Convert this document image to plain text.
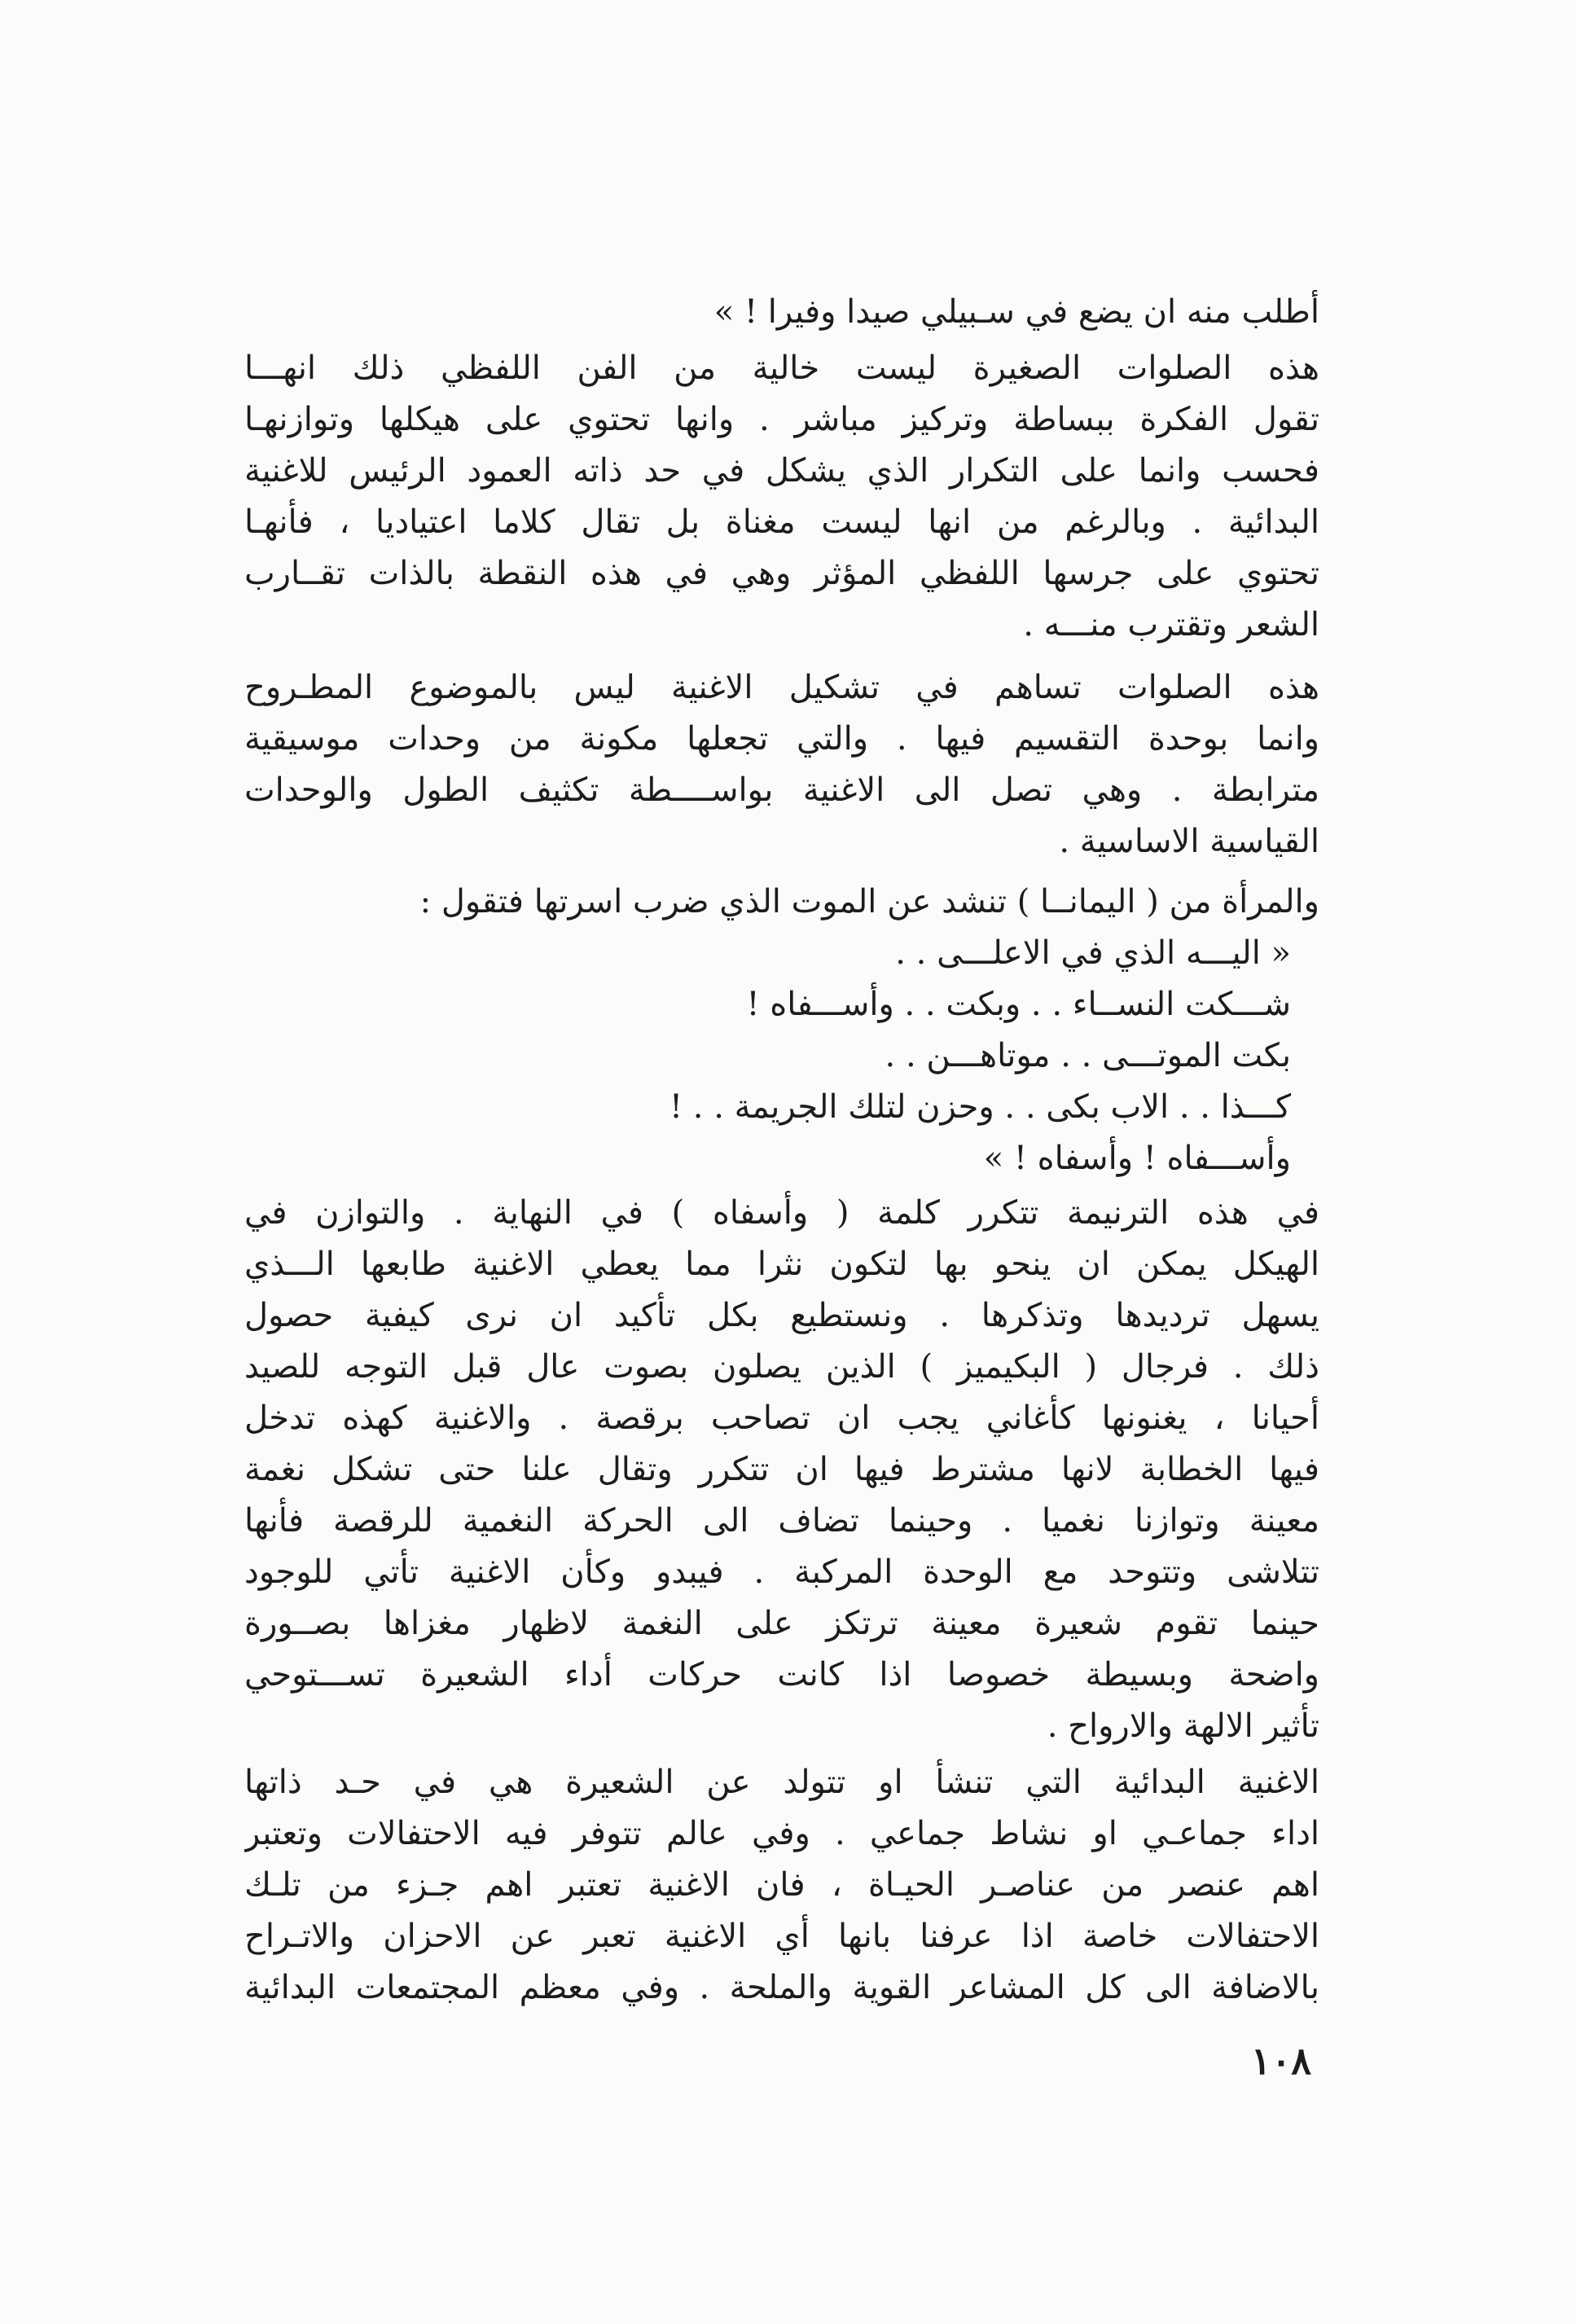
أطلب منه ان يضع في سـبيلي صيدا وفيرا ! »
هذه الصلوات الصغيرة ليست خالية من الفن اللفظي ذلك انهـــا
تقول الفكرة ببساطة وتركيز مباشر . وانها تحتوي على هيكلها وتوازنهـا
فحسب وانما على التكرار الذي يشكل في حد ذاته العمود الرئيس للاغنية
البدائية . وبالرغم من انها ليست مغناة بل تقال كلاما اعتياديا ، فأنهـا
تحتوي على جرسها اللفظي المؤثر وهي في هذه النقطة بالذات تقــارب
الشعر وتقترب منـــه .
هذه الصلوات تساهم في تشكيل الاغنية ليس بالموضوع المطـروح
وانما بوحدة التقسيم فيها . والتي تجعلها مكونة من وحدات موسيقية
مترابطة . وهي تصل الى الاغنية بواســــطة تكثيف الطول والوحدات
القياسية الاساسية .
والمرأة من ( اليمانــا ) تنشد عن الموت الذي ضرب اسرتها فتقول :
« اليـــه الذي في الاعلـــى . .
شـــكت النســاء . . وبكت . . وأســـفاه !
بكت الموتـــى . . موتاهـــن . .
كـــذا . . الاب بكى . . وحزن لتلك الجريمة . . !
وأســـفاه ! وأسفاه ! »
في هذه الترنيمة تتكرر كلمة ( وأسفاه ) في النهاية . والتوازن في
الهيكل يمكن ان ينحو بها لتكون نثرا مما يعطي الاغنية طابعها الـــذي
يسهل ترديدها وتذكرها . ونستطيع بكل تأكيد ان نرى كيفية حصول
ذلك . فرجال ( البكيميز ) الذين يصلون بصوت عال قبل التوجه للصيد
أحيانا ، يغنونها كأغاني يجب ان تصاحب برقصة . والاغنية كهذه تدخل
فيها الخطابة لانها مشترط فيها ان تتكرر وتقال علنا حتى تشكل نغمة
معينة وتوازنا نغميا . وحينما تضاف الى الحركة النغمية للرقصة فأنها
تتلاشى وتتوحد مع الوحدة المركبة . فيبدو وكأن الاغنية تأتي للوجود
حينما تقوم شعيرة معينة ترتكز على النغمة لاظهار مغزاها بصــورة
واضحة وبسيطة خصوصا اذا كانت حركات أداء الشعيرة تســـتوحي
تأثير الالهة والارواح .
الاغنية البدائية التي تنشأ او تتولد عن الشعيرة هي في حـد ذاتها
اداء جماعـي او نشاط جماعي . وفي عالم تتوفر فيه الاحتفالات وتعتبر
اهم عنصر من عناصـر الحيـاة ، فان الاغنية تعتبر اهم جـزء من تلـك
الاحتفالات خاصة اذا عرفنا بانها أي الاغنية تعبر عن الاحزان والاتـراح
بالاضافة الى كل المشاعر القوية والملحة . وفي معظم المجتمعات البدائية
١٠٨
